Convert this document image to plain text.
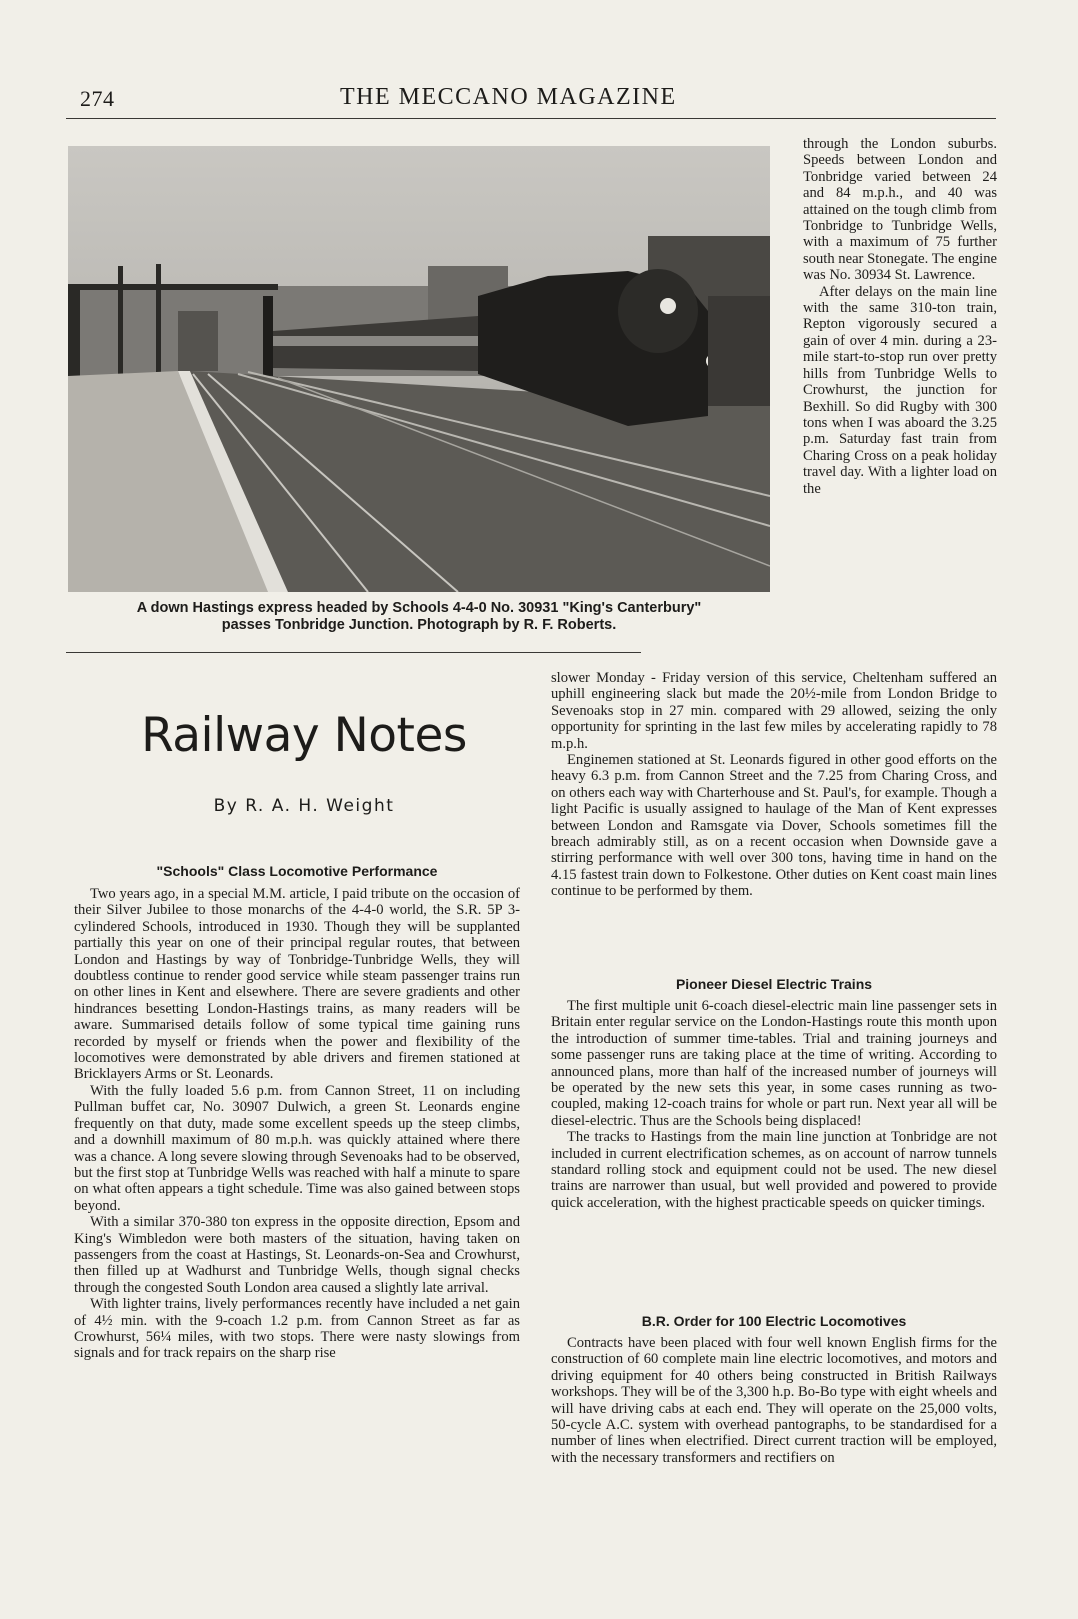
274	THE MECCANO MAGAZINE
A down Hastings express headed by Schools 4-4-0 No. 30931 "King's Canterbury"
passes Tonbridge Junction. Photograph by R. F. Roberts.
Railway Notes
By R. A. H. Weight

through the London suburbs. Speeds between London and Tonbridge varied between 24 and 84 m.p.h., and 40 was attained on the tough climb from Tonbridge to Tunbridge Wells, with a maximum of 75 further south near Stonegate. The engine was No. 30934 St. Lawrence.

After delays on the main line with the same 310-ton train, Repton vigorously secured a gain of over 4 min. during a 23-mile start-to-stop run over pretty hills from Tunbridge Wells to Crowhurst, the junction for Bexhill. So did Rugby with 300 tons when I was aboard the 3.25 p.m. Saturday fast train from Charing Cross on a peak holiday travel day. With a lighter load on the

slower Monday - Friday version of this service, Cheltenham suffered an uphill engineering slack but made the 20½-mile from London Bridge to Sevenoaks stop in 27 min. compared with 29 allowed, seizing the only opportunity for sprinting in the last few miles by accelerating rapidly to 78 m.p.h.

Enginemen stationed at St. Leonards figured in other good efforts on the heavy 6.3 p.m. from Cannon Street and the 7.25 from Charing Cross, and on others each way with Charterhouse and St. Paul's, for example. Though a light Pacific is usually assigned to haulage of the Man of Kent expresses between London and Ramsgate via Dover, Schools sometimes fill the breach admirably still, as on a recent occasion when Downside gave a stirring performance with well over 300 tons, having time in hand on the 4.15 fastest train down to Folkestone. Other duties on Kent coast main lines continue to be performed by them.

"Schools" Class Locomotive Performance

Two years ago, in a special M.M. article, I paid tribute on the occasion of their Silver Jubilee to those monarchs of the 4-4-0 world, the S.R. 5P 3-cylindered Schools, introduced in 1930. Though they will be supplanted partially this year on one of their principal regular routes, that between London and Hastings by way of Tonbridge-Tunbridge Wells, they will doubtless continue to render good service while steam passenger trains run on other lines in Kent and elsewhere. There are severe gradients and other hindrances besetting London-Hastings trains, as many readers will be aware. Summarised details follow of some typical time gaining runs recorded by myself or friends when the power and flexibility of the locomotives were demonstrated by able drivers and firemen stationed at Bricklayers Arms or St. Leonards.

With the fully loaded 5.6 p.m. from Cannon Street, 11 on including Pullman buffet car, No. 30907 Dulwich, a green St. Leonards engine frequently on that duty, made some excellent speeds up the steep climbs, and a downhill maximum of 80 m.p.h. was quickly attained where there was a chance. A long severe slowing through Sevenoaks had to be observed, but the first stop at Tunbridge Wells was reached with half a minute to spare on what often appears a tight schedule. Time was also gained between stops beyond.

With a similar 370-380 ton express in the opposite direction, Epsom and King's Wimbledon were both masters of the situation, having taken on passengers from the coast at Hastings, St. Leonards-on-Sea and Crowhurst, then filled up at Wadhurst and Tunbridge Wells, though signal checks through the congested South London area caused a slightly late arrival.

With lighter trains, lively performances recently have included a net gain of 4½ min. with the 9-coach 1.2 p.m. from Cannon Street as far as Crowhurst, 56¼ miles, with two stops. There were nasty slowings from signals and for track repairs on the sharp rise

Pioneer Diesel Electric Trains

The first multiple unit 6-coach diesel-electric main line passenger sets in Britain enter regular service on the London-Hastings route this month upon the introduction of summer time-tables. Trial and training journeys and some passenger runs are taking place at the time of writing. According to announced plans, more than half of the increased number of journeys will be operated by the new sets this year, in some cases running as two-coupled, making 12-coach trains for whole or part run. Next year all will be diesel-electric. Thus are the Schools being displaced!

The tracks to Hastings from the main line junction at Tonbridge are not included in current electrification schemes, as on account of narrow tunnels standard rolling stock and equipment could not be used. The new diesel trains are narrower than usual, but well provided and powered to provide quick acceleration, with the highest practicable speeds on quicker timings.

B.R. Order for 100 Electric Locomotives

Contracts have been placed with four well known English firms for the construction of 60 complete main line electric locomotives, and motors and driving equipment for 40 others being constructed in British Railways workshops. They will be of the 3,300 h.p. Bo-Bo type with eight wheels and will have driving cabs at each end. They will operate on the 25,000 volts, 50-cycle A.C. system with overhead pantographs, to be standardised for a number of lines when electrified. Direct current traction will be employed, with the necessary transformers and rectifiers on
